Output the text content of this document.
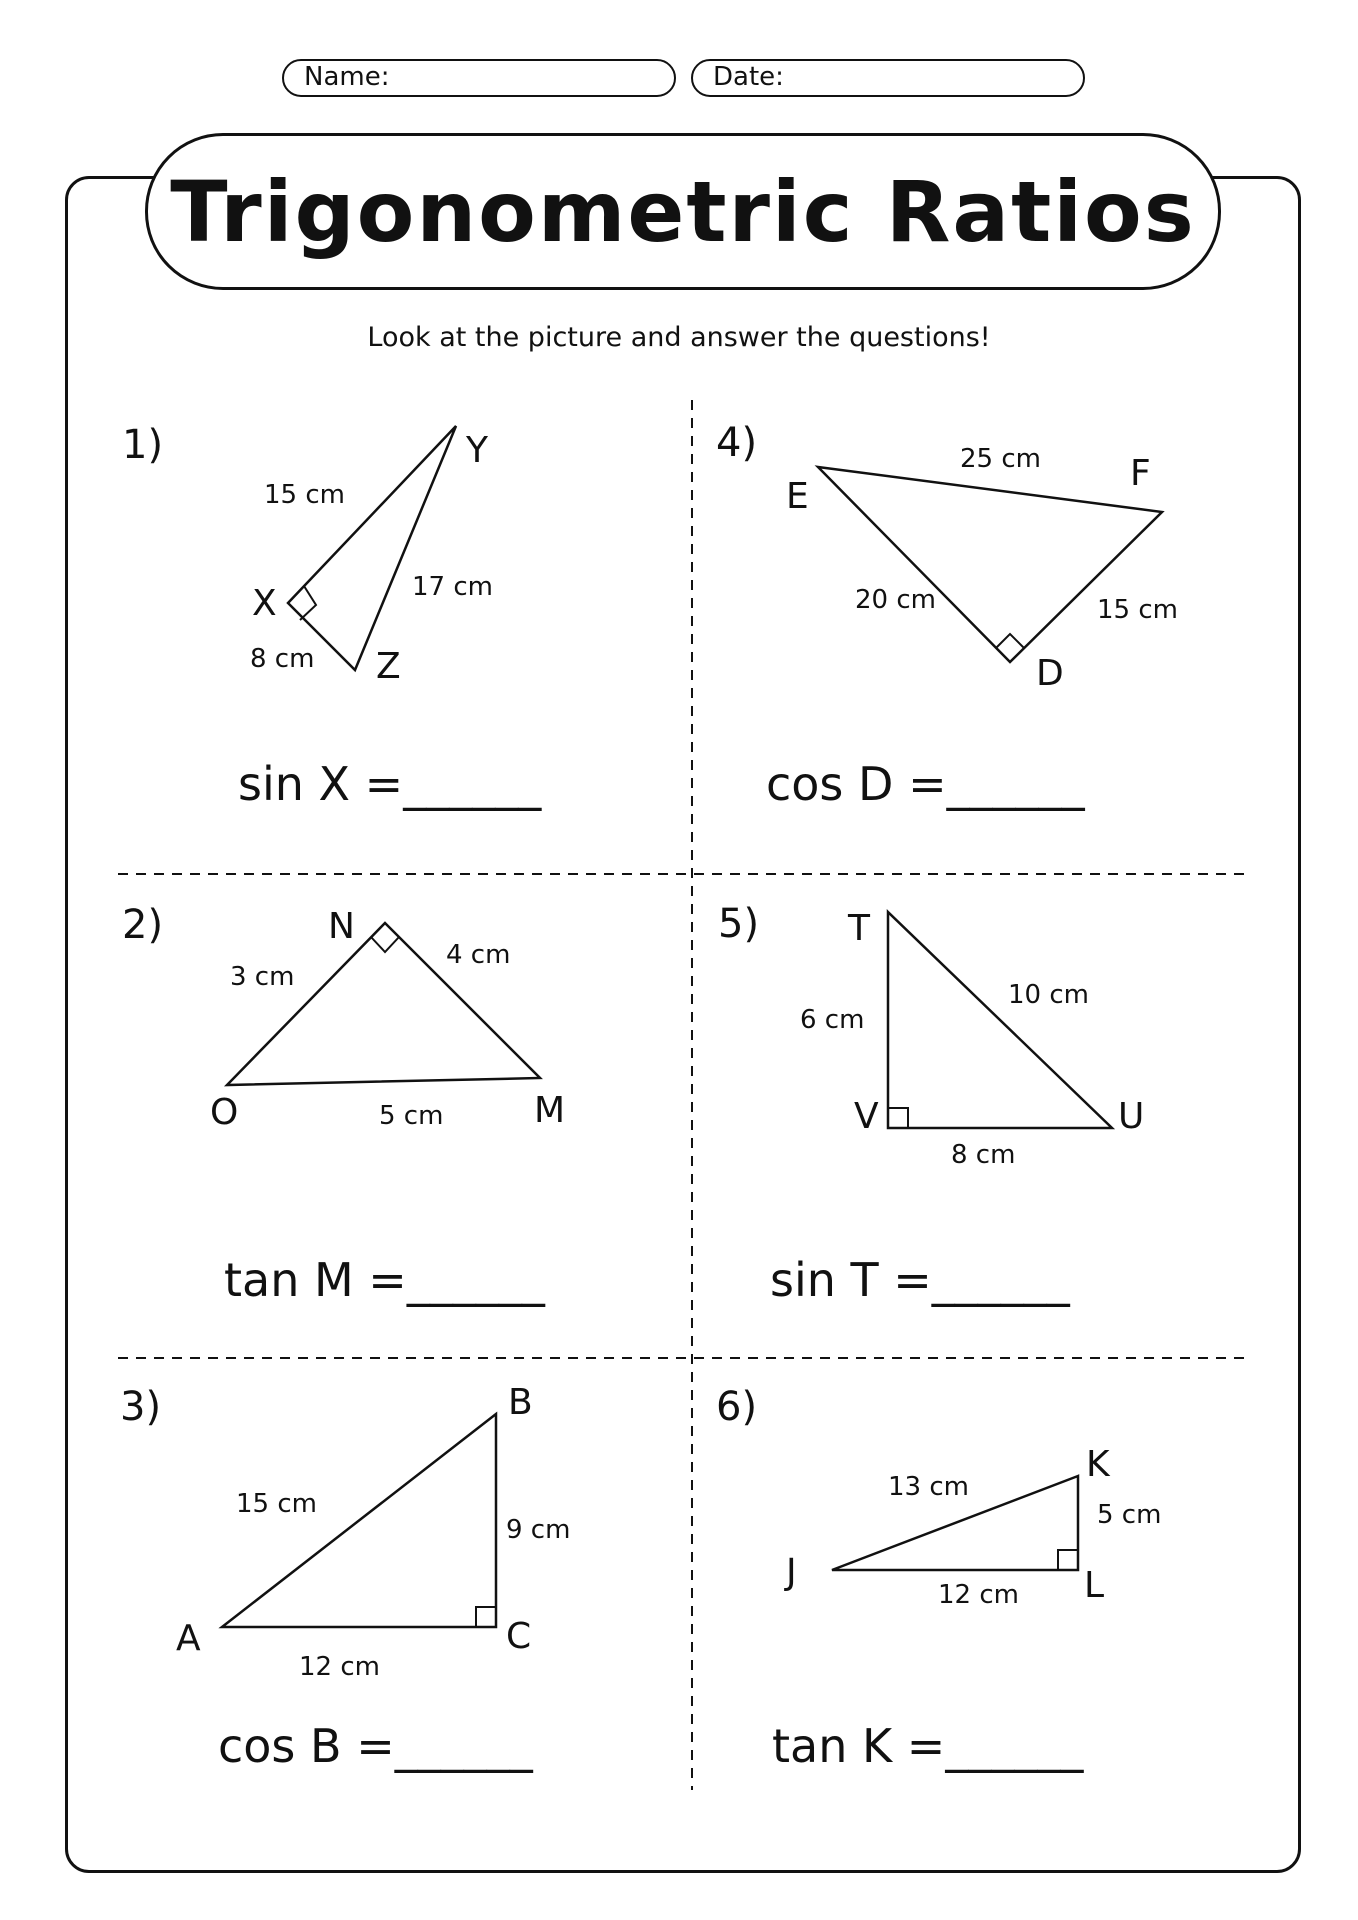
Name:	Date:
Trigonometric Ratios
Look at the picture and answer the questions!
1)
X
Y
Z
15 cm
17 cm
8 cm
sin X =______
2)	N
O	M
3 cm
4 cm
5 cm
tan M =______
3)	B
A	C
15 cm
9 cm
12 cm
cos B =______
4)
E
F
D
25 cm
20 cm	15 cm
cos D =______
5) T
V	U
6 cm
10 cm
8 cm
sin T =______
6)
K
J	L
13 cm
5 cm
12 cm
tan K =______
